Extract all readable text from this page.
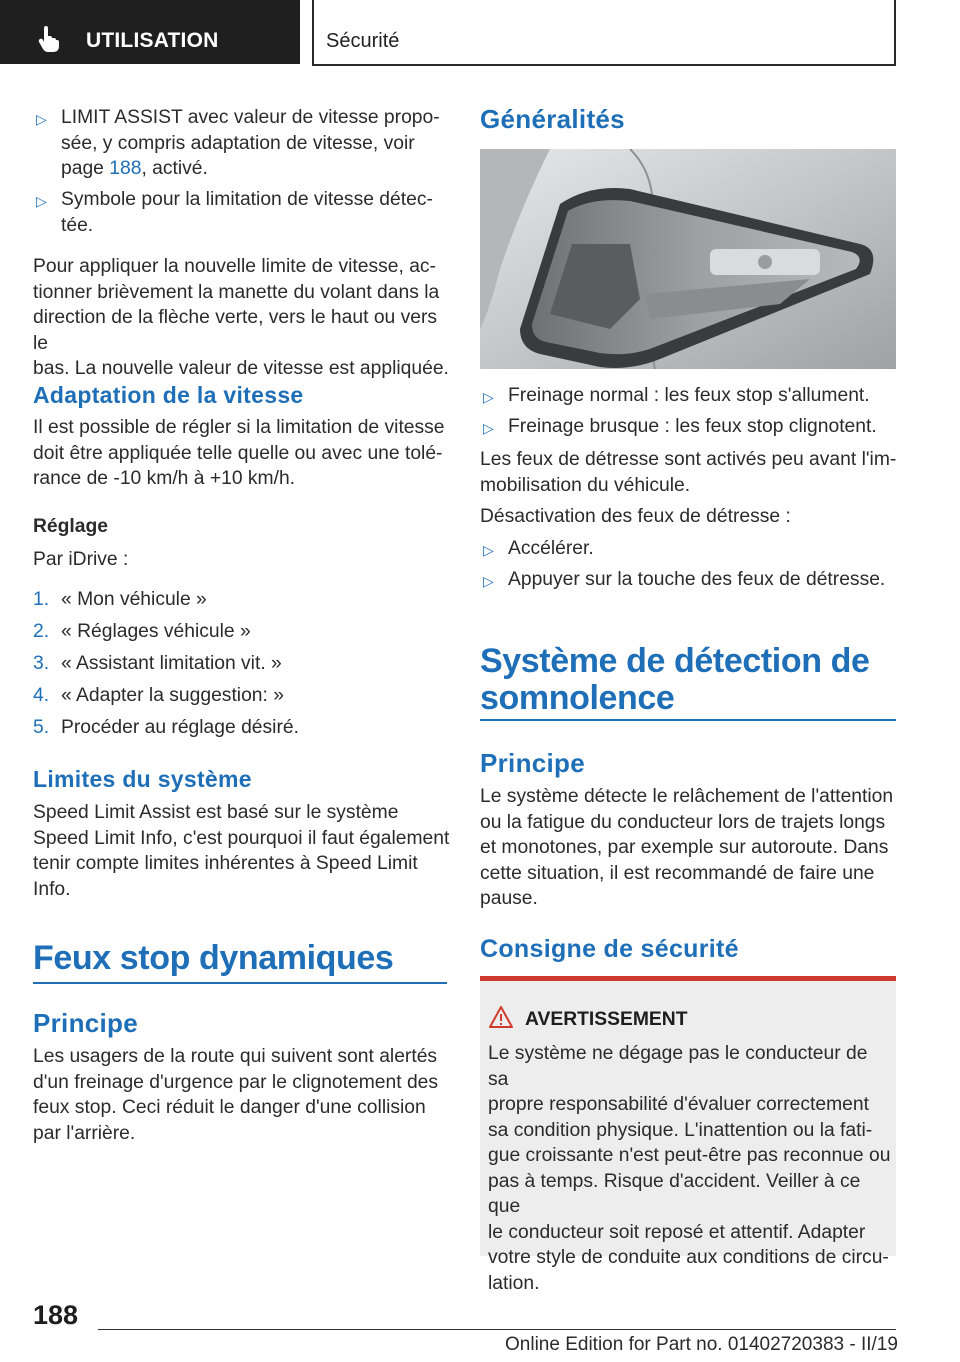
UTILISATION	Sécurité
▷ LIMIT ASSIST avec valeur de vitesse propo-
sée, y compris adaptation de vitesse, voir
page 188, activé.
▷ Symbole pour la limitation de vitesse détec-
tée.

Pour appliquer la nouvelle limite de vitesse, ac-
tionner brièvement la manette du volant dans la
direction de la flèche verte, vers le haut ou vers le
bas. La nouvelle valeur de vitesse est appliquée.

Adaptation de la vitesse

Il est possible de régler si la limitation de vitesse
doit être appliquée telle quelle ou avec une tolé-
rance de -10 km/h à +10 km/h.

Réglage

Par iDrive :

1. « Mon véhicule »
2. « Réglages véhicule »
3. « Assistant limitation vit. »
4. « Adapter la suggestion: »
5. Procéder au réglage désiré.
Limites du système

Speed Limit Assist est basé sur le système
Speed Limit Info, c'est pourquoi il faut également
tenir compte limites inhérentes à Speed Limit
Info.

Feux stop dynamiques
Principe

Les usagers de la route qui suivent sont alertés
d'un freinage d'urgence par le clignotement des
feux stop. Ceci réduit le danger d'une collision
par l'arrière.

Généralités
▷ Freinage normal : les feux stop s'allument.
▷ Freinage brusque : les feux stop clignotent.

Les feux de détresse sont activés peu avant l'im-
mobilisation du véhicule.

Désactivation des feux de détresse :

▷ Accélérer.
▷ Appuyer sur la touche des feux de détresse.
Système de détection de
somnolence
Principe

Le système détecte le relâchement de l'attention
ou la fatigue du conducteur lors de trajets longs
et monotones, par exemple sur autoroute. Dans
cette situation, il est recommandé de faire une
pause.

Consigne de sécurité
AVERTISSEMENT
Le système ne dégage pas le conducteur de sa
propre responsabilité d'évaluer correctement
sa condition physique. L'inattention ou la fati-
gue croissante n'est peut-être pas reconnue ou
pas à temps. Risque d'accident. Veiller à ce que
le conducteur soit reposé et attentif. Adapter
votre style de conduite aux conditions de circu-
lation.
188
Online Edition for Part no. 01402720383 - II/19
